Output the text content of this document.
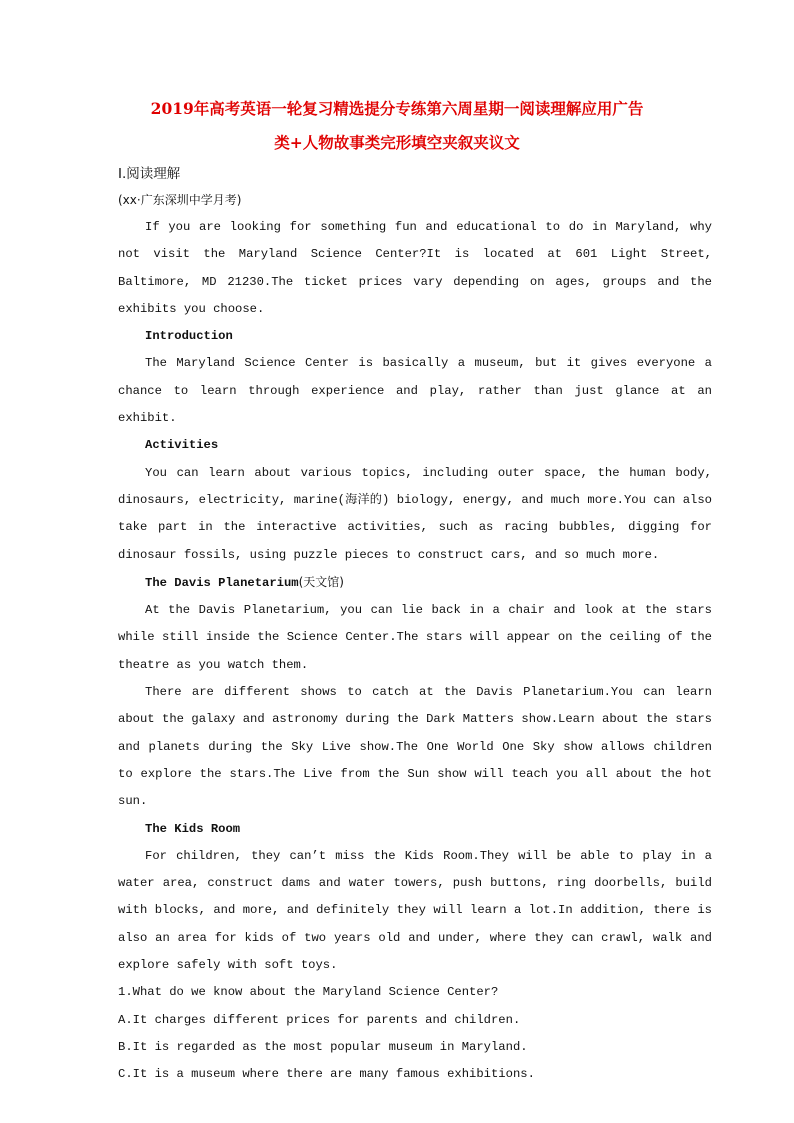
2019年高考英语一轮复习精选提分专练第六周星期一阅读理解应用广告

类+人物故事类完形填空夹叙夹议文

Ⅰ.阅读理解
(xx·广东深圳中学月考)

If you are looking for something fun and educational to do in Maryland, why not visit the Maryland Science Center?It is located at 601 Light Street, Baltimore, MD 21230.The ticket prices vary depending on ages, groups and the exhibits you choose.

Introduction

The Maryland Science Center is basically a museum, but it gives everyone a chance to learn through experience and play, rather than just glance at an exhibit.

Activities

You can learn about various topics, including outer space, the human body, dinosaurs, electricity, marine(海洋的) biology, energy, and much more.You can also take part in the interactive activities, such as racing bubbles, digging for dinosaur fossils, using puzzle pieces to construct cars, and so much more.

The Davis Planetarium(天文馆)

At the Davis Planetarium, you can lie back in a chair and look at the stars while still inside the Science Center.The stars will appear on the ceiling of the theatre as you watch them.

There are different shows to catch at the Davis Planetarium.You can learn about the galaxy and astronomy during the Dark Matters show.Learn about the stars and planets during the Sky Live show.The One World One Sky show allows children to explore the stars.The Live from the Sun show will teach you all about the hot sun.

The Kids Room

For children, they can’t miss the Kids Room.They will be able to play in a water area, construct dams and water towers, push buttons, ring doorbells, build with blocks, and more, and definitely they will learn a lot.In addition, there is also an area for kids of two years old and under, where they can crawl, walk and explore safely with soft toys.

1.What do we know about the Maryland Science Center?

A.It charges different prices for parents and children.

B.It is regarded as the most popular museum in Maryland.

C.It is a museum where there are many famous exhibitions.
